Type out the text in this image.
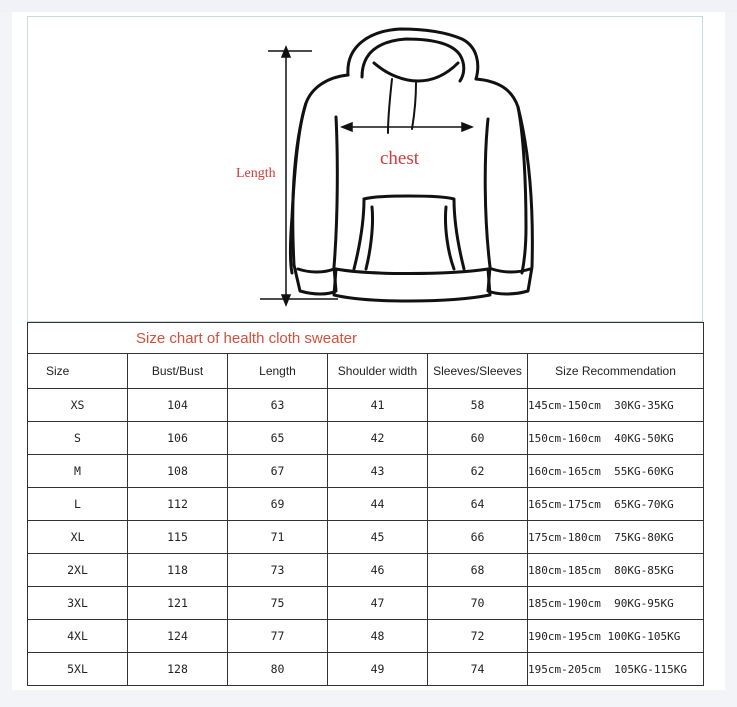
Length
chest
Size chart of health cloth sweater					
Size	Bust/Bust	Length	Shoulder width	Sleeves/Sleeves	Size Recommendation
XS	104	63	41	58	145cm-150cm  30KG-35KG
S	106	65	42	60	150cm-160cm  40KG-50KG
M	108	67	43	62	160cm-165cm  55KG-60KG
L	112	69	44	64	165cm-175cm  65KG-70KG
XL	115	71	45	66	175cm-180cm  75KG-80KG
2XL	118	73	46	68	180cm-185cm  80KG-85KG
3XL	121	75	47	70	185cm-190cm  90KG-95KG
4XL	124	77	48	72	190cm-195cm 100KG-105KG
5XL	128	80	49	74	195cm-205cm  105KG-115KG
